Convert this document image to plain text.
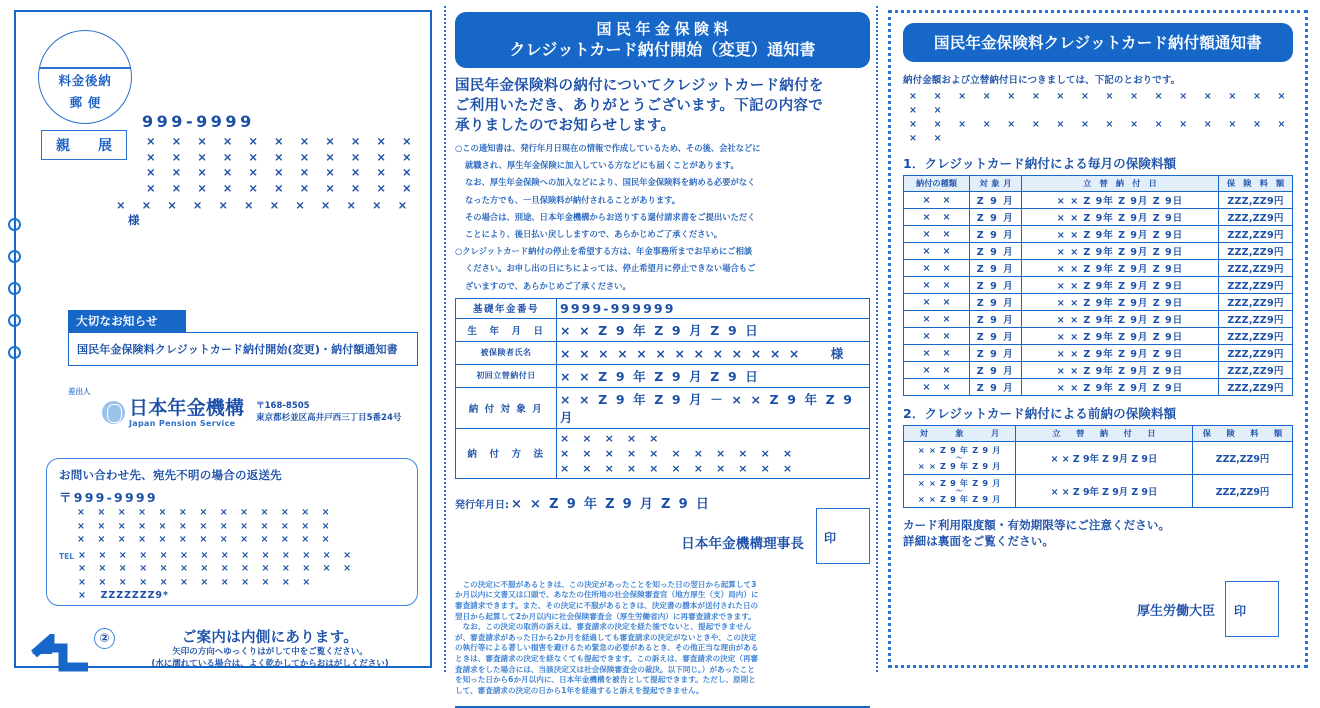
料金後納
郵便
親　展
999-9999
× × × × × × × × × × ×
× × × × × × × × × × ×
× × × × × × × × × × ×
× × × × × × × × × × ×
× × × × × × × × × × × ×様
大切なお知らせ
国民年金保険料クレジットカード納付開始(変更)・納付額通知書
差出人
日本年金機構
Japan Pension Service
〒168-8505
東京都杉並区高井戸西三丁目5番24号
お問い合わせ先、宛先不明の場合の返送先
〒999-9999
× × × × × × × × × × × × ×
× × × × × × × × × × × × ×
× × × × × × × × × × × × ×
TEL × × × × × × × × × × × × × ×
× × × × × × × × × × × × × ×
× × × × × × × × × × × × × ZZZZZZZ9*
②	ご案内は内側にあります。
矢印の方向へゆっくりはがして中をご覧ください。
(水に濡れている場合は、よく乾かしてからおはがしください)
国民年金保険料
クレジットカード納付開始（変更）通知書
国民年金保険料の納付についてクレジットカード納付を
ご利用いただき、ありがとうございます。下記の内容で
承りましたのでお知らせします。

○この通知書は、発行年月日現在の情報で作成しているため、その後、会社などに

就職され、厚生年金保険に加入している方などにも届くことがあります。

なお、厚生年金保険への加入などにより、国民年金保険料を納める必要がなく

なった方でも、一旦保険料が納付されることがあります。

その場合は、別途、日本年金機構からお送りする還付請求書をご提出いただく

ことにより、後日払い戻ししますので、あらかじめご了承ください。

○クレジットカード納付の停止を希望する方は、年金事務所までお早めにご相談

ください。お申し出の日にちによっては、停止希望月に停止できない場合もご

ざいますので、あらかじめご了承ください。

基礎年金番号	9999-999999
生　年　月　日	× × Z 9 年 Z 9 月 Z 9 日
被保険者氏名	× × × × × × × × × × × × ×　　様
初回立替納付日	× × Z 9 年 Z 9 月 Z 9 日
納 付 対 象 月	× × Z 9 年 Z 9 月 － × × Z 9 年 Z 9 月
納　付　方　法	× × × × ×
× × × × × × × × × × ×
× × × × × × × × × × ×
発行年月日: × × Z 9 年 Z 9 月 Z 9 日
日本年金機構理事長 印

　この決定に不服があるときは、この決定があったことを知った日の翌日から起算して3

か月以内に文書又は口頭で、あなたの住所地の社会保険審査官（地方厚生（支）局内）に

審査請求できます。また、その決定に不服があるときは、決定書の謄本が送付された日の

翌日から起算して2か月以内に社会保険審査会（厚生労働省内）に再審査請求できます。

　なお、この決定の取消の訴えは、審査請求の決定を経た後でないと、提起できません

が、審査請求があった日から2か月を経過しても審査請求の決定がないときや、この決定

の執行等による著しい損害を避けるため緊急の必要があるとき、その他正当な理由がある

ときは、審査請求の決定を経なくても提起できます。この訴えは、審査請求の決定（再審

査請求をした場合には、当該決定又は社会保険審査会の裁決。以下同じ。）があったこと

を知った日から6か月以内に、日本年金機構を被告として提起できます。ただし、原則と

して、審査請求の決定の日から1年を経過すると訴えを提起できません。

国民年金保険料クレジットカード納付額通知書
納付金額および立替納付日につきましては、下記のとおりです。
× × × × × × × × × × × × × × × × × ×
× × × × × × × × × × × × × × × × × ×
1．クレジットカード納付による毎月の保険料額
納付の種類	対象月	立　替　納　付　日	保　険　料　額
× ×	Z 9 月	× × Z 9年 Z 9月 Z 9日	ZZZ,ZZ9円
× ×	Z 9 月	× × Z 9年 Z 9月 Z 9日	ZZZ,ZZ9円
× ×	Z 9 月	× × Z 9年 Z 9月 Z 9日	ZZZ,ZZ9円
× ×	Z 9 月	× × Z 9年 Z 9月 Z 9日	ZZZ,ZZ9円
× ×	Z 9 月	× × Z 9年 Z 9月 Z 9日	ZZZ,ZZ9円
× ×	Z 9 月	× × Z 9年 Z 9月 Z 9日	ZZZ,ZZ9円
× ×	Z 9 月	× × Z 9年 Z 9月 Z 9日	ZZZ,ZZ9円
× ×	Z 9 月	× × Z 9年 Z 9月 Z 9日	ZZZ,ZZ9円
× ×	Z 9 月	× × Z 9年 Z 9月 Z 9日	ZZZ,ZZ9円
× ×	Z 9 月	× × Z 9年 Z 9月 Z 9日	ZZZ,ZZ9円
× ×	Z 9 月	× × Z 9年 Z 9月 Z 9日	ZZZ,ZZ9円
× ×	Z 9 月	× × Z 9年 Z 9月 Z 9日	ZZZ,ZZ9円
2．クレジットカード納付による前納の保険料額
対　　象　　月	立　替　納　付　日	保　険　料　額

× × Z 9 年 Z 9 月
～
× × Z 9 年 Z 9 月	× × Z 9年 Z 9月 Z 9日	ZZZ,ZZ9円

× × Z 9 年 Z 9 月
～
× × Z 9 年 Z 9 月	× × Z 9年 Z 9月 Z 9日	ZZZ,ZZ9円
カード利用限度額・有効期限等にご注意ください。
詳細は裏面をご覧ください。
厚生労働大臣 印
